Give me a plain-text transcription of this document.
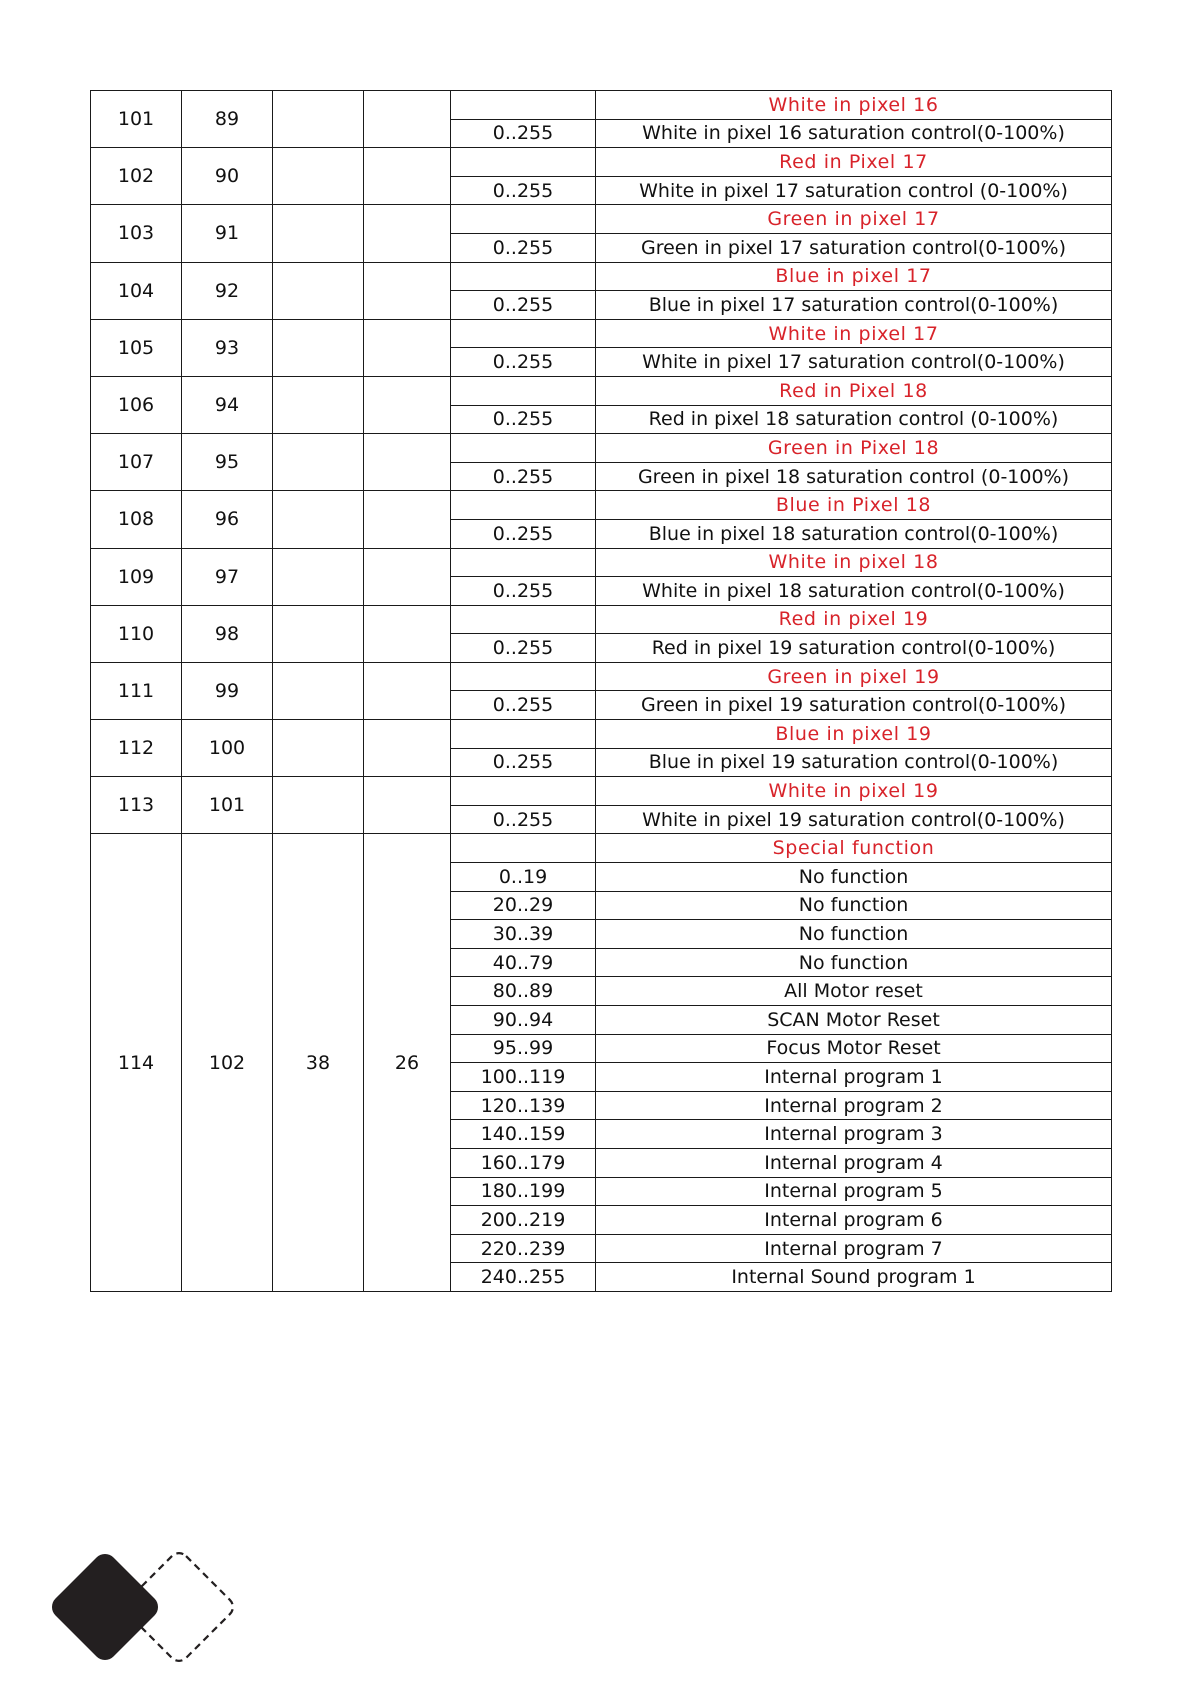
101	89				White in pixel 16
				0..255	White in pixel 16 saturation control(0-100%)
102	90				Red in Pixel 17
				0..255	White in pixel 17 saturation control (0-100%)
103	91				Green in pixel 17
				0..255	Green in pixel 17 saturation control(0-100%)
104	92				Blue in pixel 17
				0..255	Blue in pixel 17 saturation control(0-100%)
105	93				White in pixel 17
				0..255	White in pixel 17 saturation control(0-100%)
106	94				Red in Pixel 18
				0..255	Red in pixel 18 saturation control (0-100%)
107	95				Green in Pixel 18
				0..255	Green in pixel 18 saturation control (0-100%)
108	96				Blue in Pixel 18
				0..255	Blue in pixel 18 saturation control(0-100%)
109	97				White in pixel 18
				0..255	White in pixel 18 saturation control(0-100%)
110	98				Red in pixel 19
				0..255	Red in pixel 19 saturation control(0-100%)
111	99				Green in pixel 19
				0..255	Green in pixel 19 saturation control(0-100%)
112	100				Blue in pixel 19
				0..255	Blue in pixel 19 saturation control(0-100%)
113	101				White in pixel 19
				0..255	White in pixel 19 saturation control(0-100%)
114	102	38	26		Special function
				0..19	No function
				20..29	No function
				30..39	No function
				40..79	No function
				80..89	All Motor reset
				90..94	SCAN Motor Reset
				95..99	Focus Motor Reset
				100..119	Internal program 1
				120..139	Internal program 2
				140..159	Internal program 3
				160..179	Internal program 4
				180..199	Internal program 5
				200..219	Internal program 6
				220..239	Internal program 7
				240..255	Internal Sound program 1
